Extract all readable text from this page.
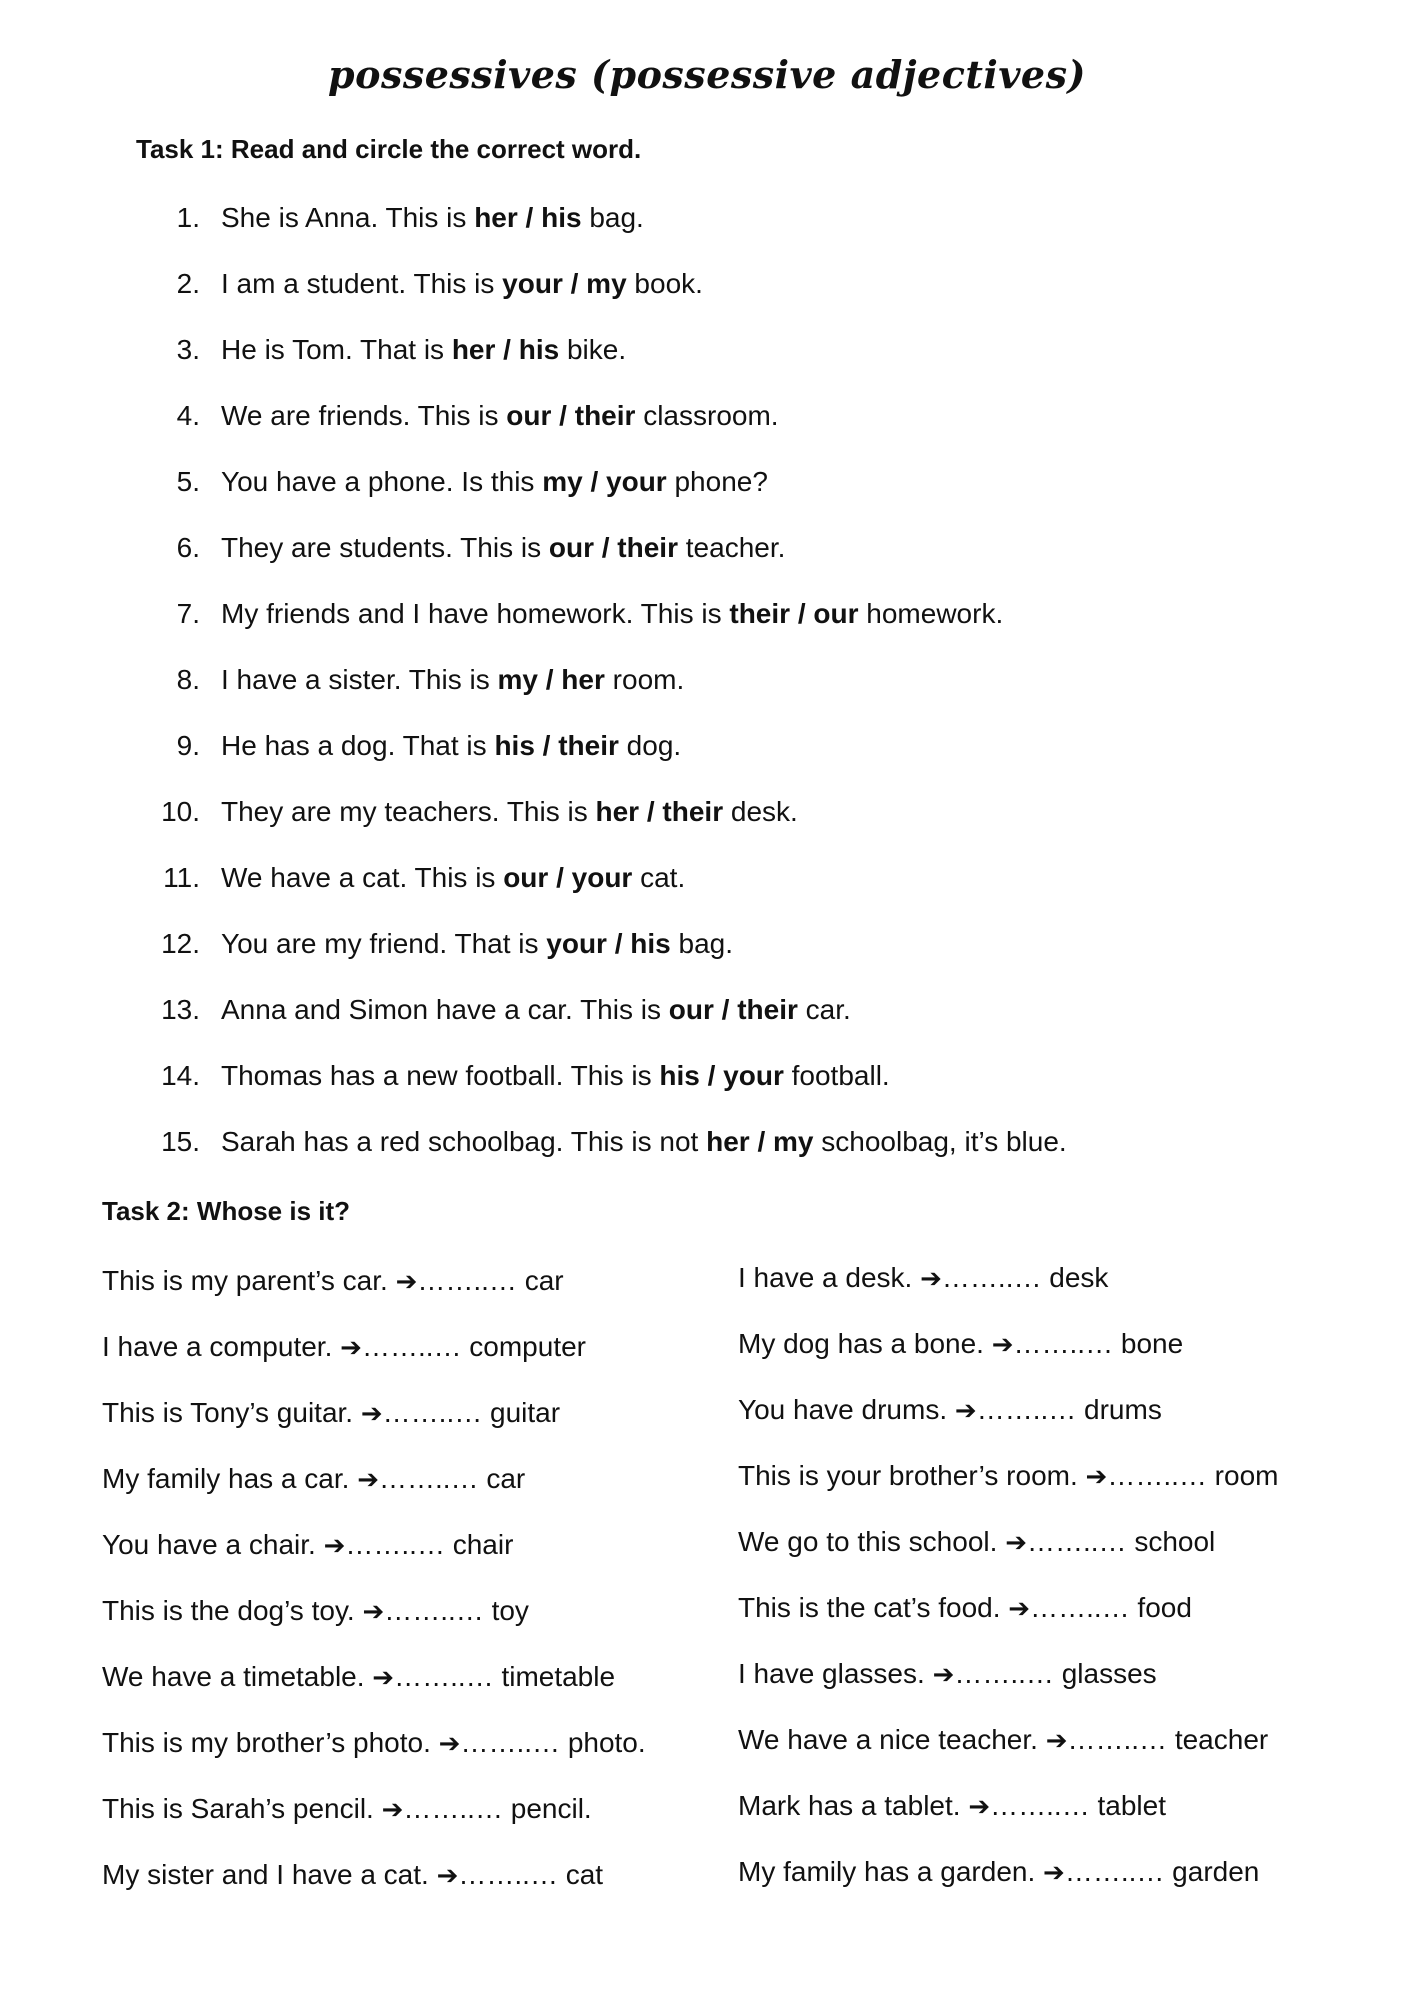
possessives (possessive adjectives)
Task 1: Read and circle the correct word.
1. She is Anna. This is her / his bag.
2. I am a student. This is your / my book.
3. He is Tom. That is her / his bike.
4. We are friends. This is our / their classroom.
5. You have a phone. Is this my / your phone?
6. They are students. This is our / their teacher.
7. My friends and I have homework. This is their / our homework.
8. I have a sister. This is my / her room.
9. He has a dog. That is his / their dog.
10. They are my teachers. This is her / their desk.
11. We have a cat. This is our / your cat.
12. You are my friend. That is your / his bag.
13. Anna and Simon have a car. This is our / their car.
14. Thomas has a new football. This is his / your football.
15. Sarah has a red schoolbag. This is not her / my schoolbag, it’s blue.
Task 2: Whose is it?
This is my parent’s car. ➔……..… car
I have a computer. ➔……..… computer
This is Tony’s guitar. ➔……..… guitar
My family has a car. ➔……..… car
You have a chair. ➔……..… chair
This is the dog’s toy. ➔……..… toy
We have a timetable. ➔……..… timetable
This is my brother’s photo. ➔……..… photo.
This is Sarah’s pencil. ➔……..… pencil.
My sister and I have a cat. ➔……..… cat
I have a desk. ➔……..… desk
My dog has a bone. ➔……..… bone
You have drums. ➔……..… drums
This is your brother’s room. ➔……..… room
We go to this school. ➔……..… school
This is the cat’s food. ➔……..… food
I have glasses. ➔……..… glasses
We have a nice teacher. ➔……..… teacher
Mark has a tablet. ➔……..… tablet
My family has a garden. ➔……..… garden
